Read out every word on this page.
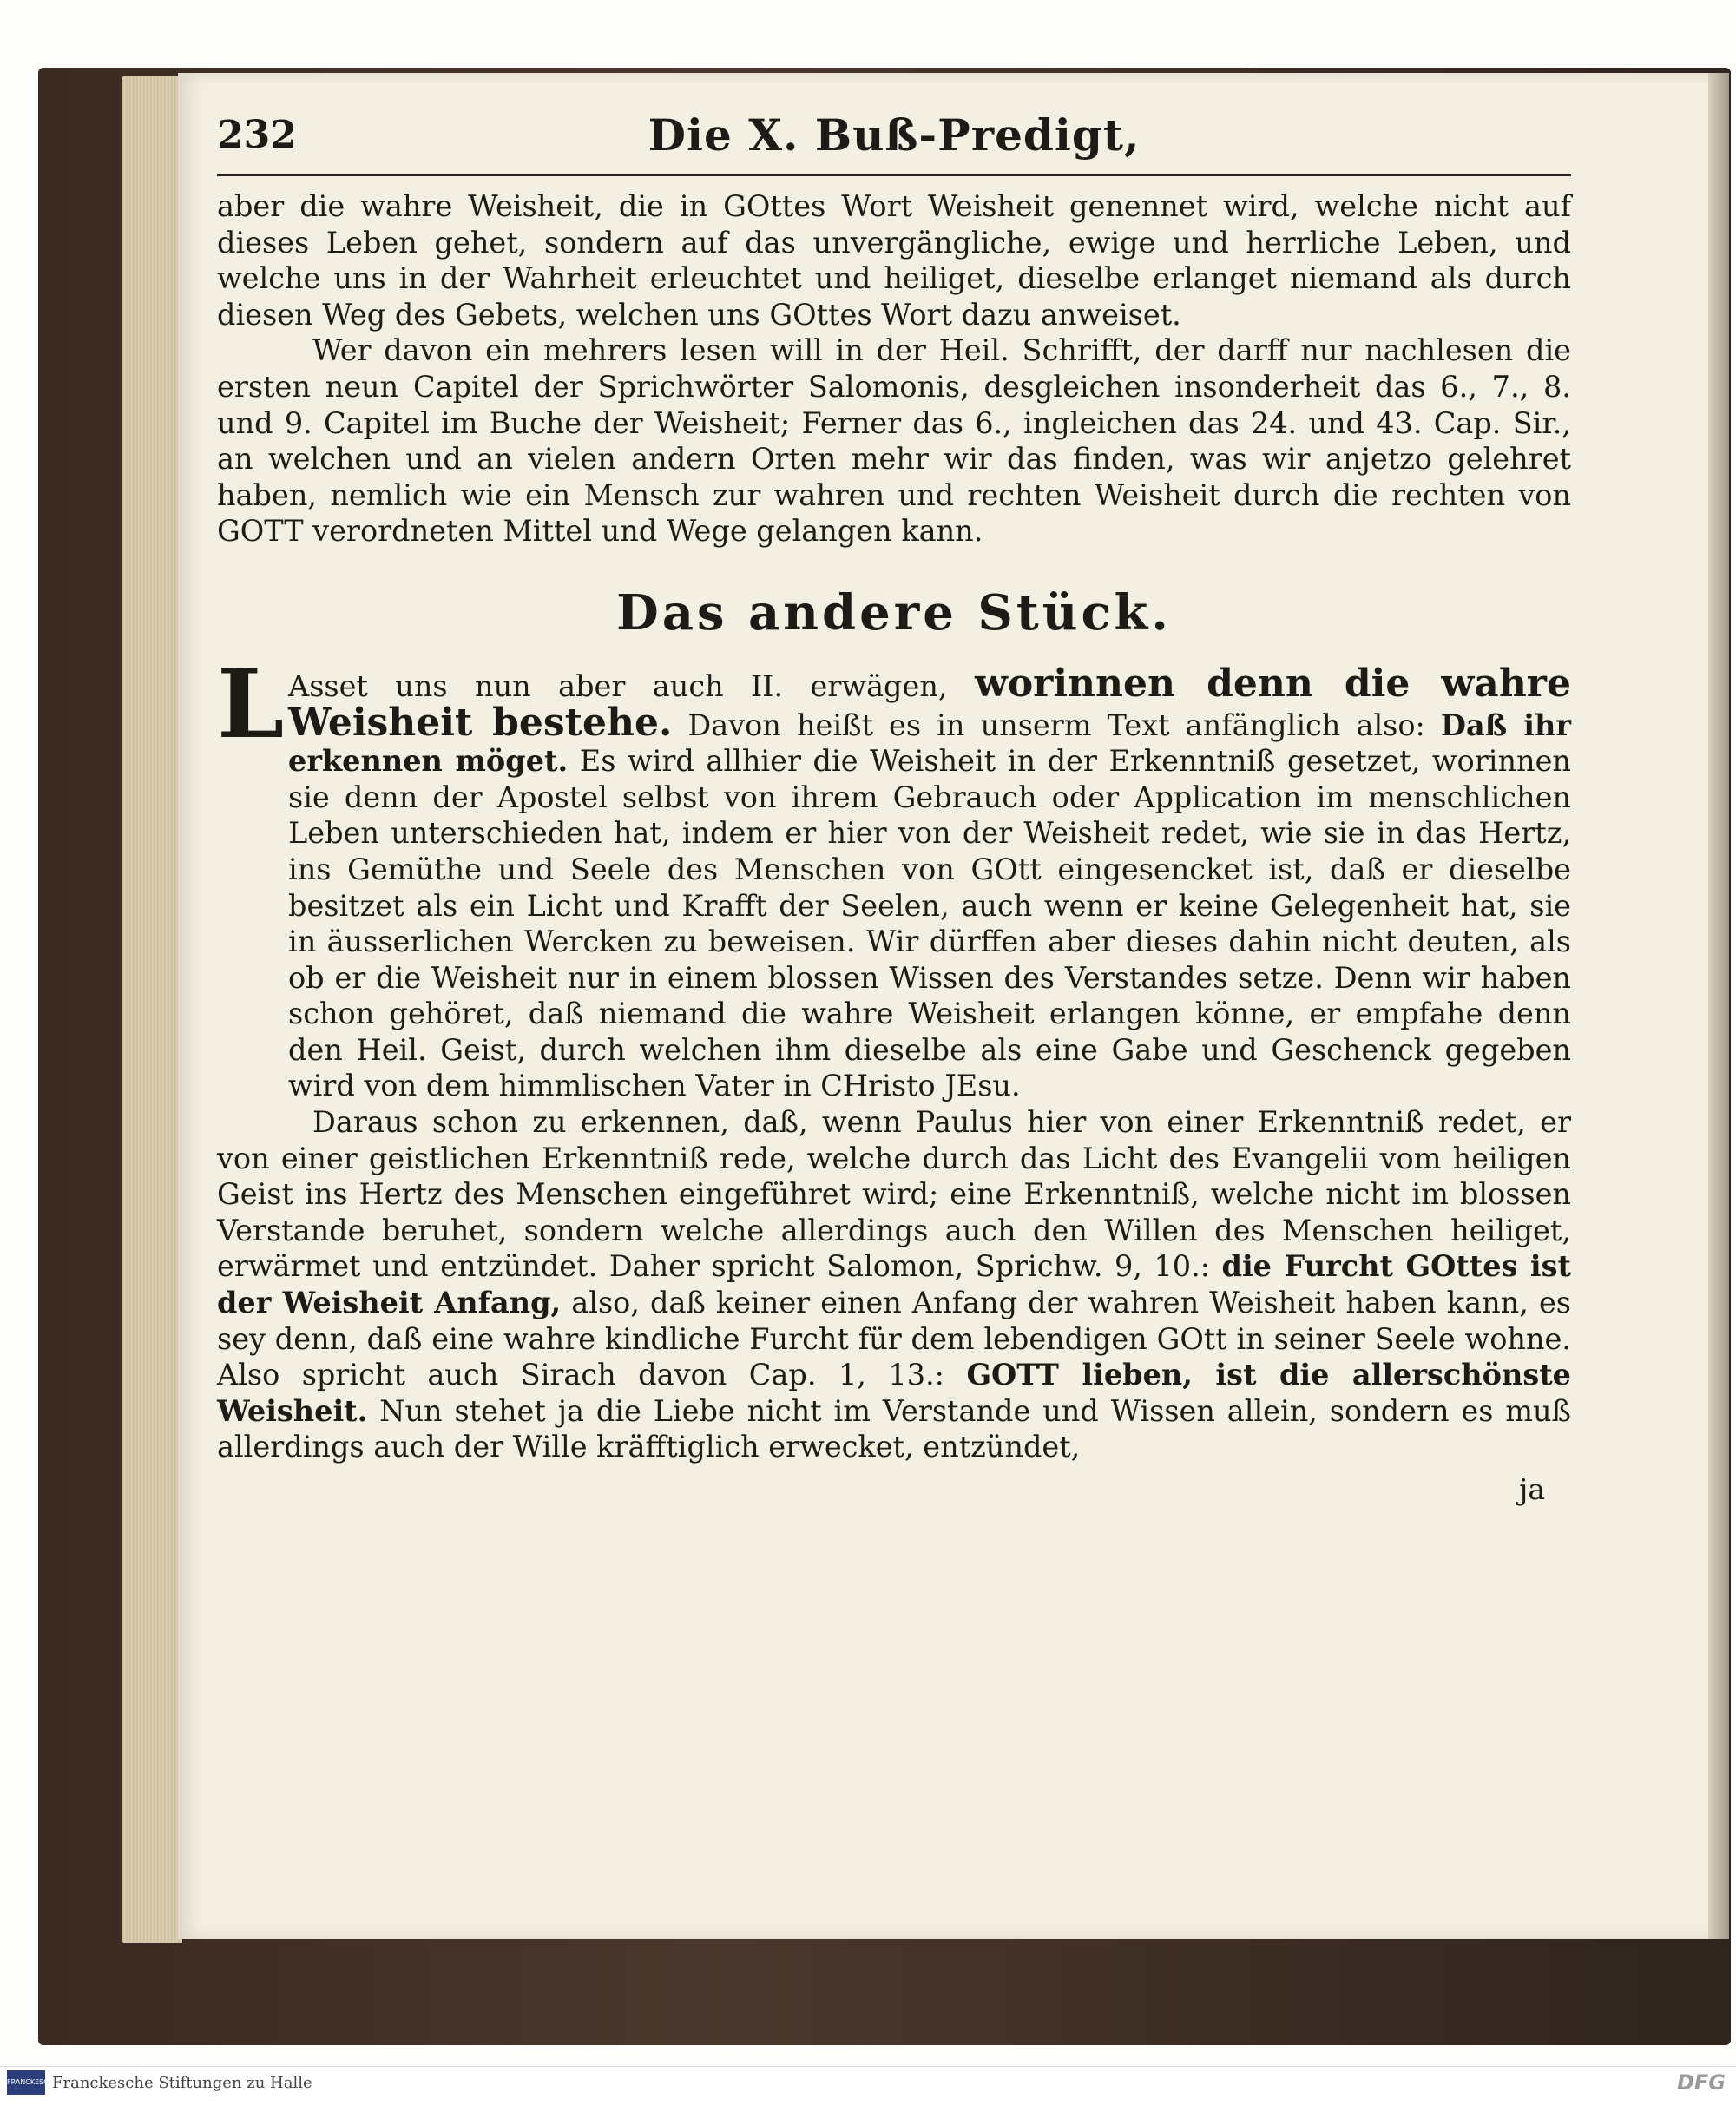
232	Die X. Buß-Predigt,

aber die wahre Weisheit, die in GOttes Wort Weisheit genennet wird, welche nicht auf dieses Leben gehet, sondern auf das unvergängliche, ewige und herrliche Leben, und welche uns in der Wahrheit erleuchtet und heiliget, dieselbe erlanget niemand als durch diesen Weg des Gebets, welchen uns GOttes Wort dazu anweiset.

Wer davon ein mehrers lesen will in der Heil. Schrifft, der darff nur nachlesen die ersten neun Capitel der Sprichwörter Salomonis, desgleichen insonderheit das 6., 7., 8. und 9. Capitel im Buche der Weisheit; Ferner das 6., ingleichen das 24. und 43. Cap. Sir., an welchen und an vielen andern Orten mehr wir das finden, was wir anjetzo gelehret haben, nemlich wie ein Mensch zur wahren und rechten Weisheit durch die rechten von GOTT verordneten Mittel und Wege gelangen kann.

Das andere Stück.

L Asset uns nun aber auch II. erwägen, worinnen denn die wahre Weisheit bestehe. Davon heißt es in unserm Text anfänglich also: Daß ihr erkennen möget. Es wird allhier die Weisheit in der Erkenntniß gesetzet, worinnen sie denn der Apostel selbst von ihrem Gebrauch oder Application im menschlichen Leben unterschieden hat, indem er hier von der Weisheit redet, wie sie in das Hertz, ins Gemüthe und Seele des Menschen von GOtt eingesencket ist, daß er dieselbe besitzet als ein Licht und Krafft der Seelen, auch wenn er keine Gelegenheit hat, sie in äusserlichen Wercken zu beweisen. Wir dürffen aber dieses dahin nicht deuten, als ob er die Weisheit nur in einem blossen Wissen des Verstandes setze. Denn wir haben schon gehöret, daß niemand die wahre Weisheit erlangen könne, er empfahe denn den Heil. Geist, durch welchen ihm dieselbe als eine Gabe und Geschenck gegeben wird von dem himmlischen Vater in CHristo JEsu.

Daraus schon zu erkennen, daß, wenn Paulus hier von einer Erkenntniß redet, er von einer geistlichen Erkenntniß rede, welche durch das Licht des Evangelii vom heiligen Geist ins Hertz des Menschen eingeführet wird; eine Erkenntniß, welche nicht im blossen Verstande beruhet, sondern welche allerdings auch den Willen des Menschen heiliget, erwärmet und entzündet. Daher spricht Salomon, Sprichw. 9, 10.: die Furcht GOttes ist der Weisheit Anfang, also, daß keiner einen Anfang der wahren Weisheit haben kann, es sey denn, daß eine wahre kindliche Furcht für dem lebendigen GOtt in seiner Seele wohne. Also spricht auch Sirach davon Cap. 1, 13.: GOTT lieben, ist die allerschönste Weisheit. Nun stehet ja die Liebe nicht im Verstande und Wissen allein, sondern es muß allerdings auch der Wille kräfftiglich erwecket, entzündet,

ja
FRANCKESCHE STIFTUNGEN
Franckesche Stiftungen zu Halle	DFG
